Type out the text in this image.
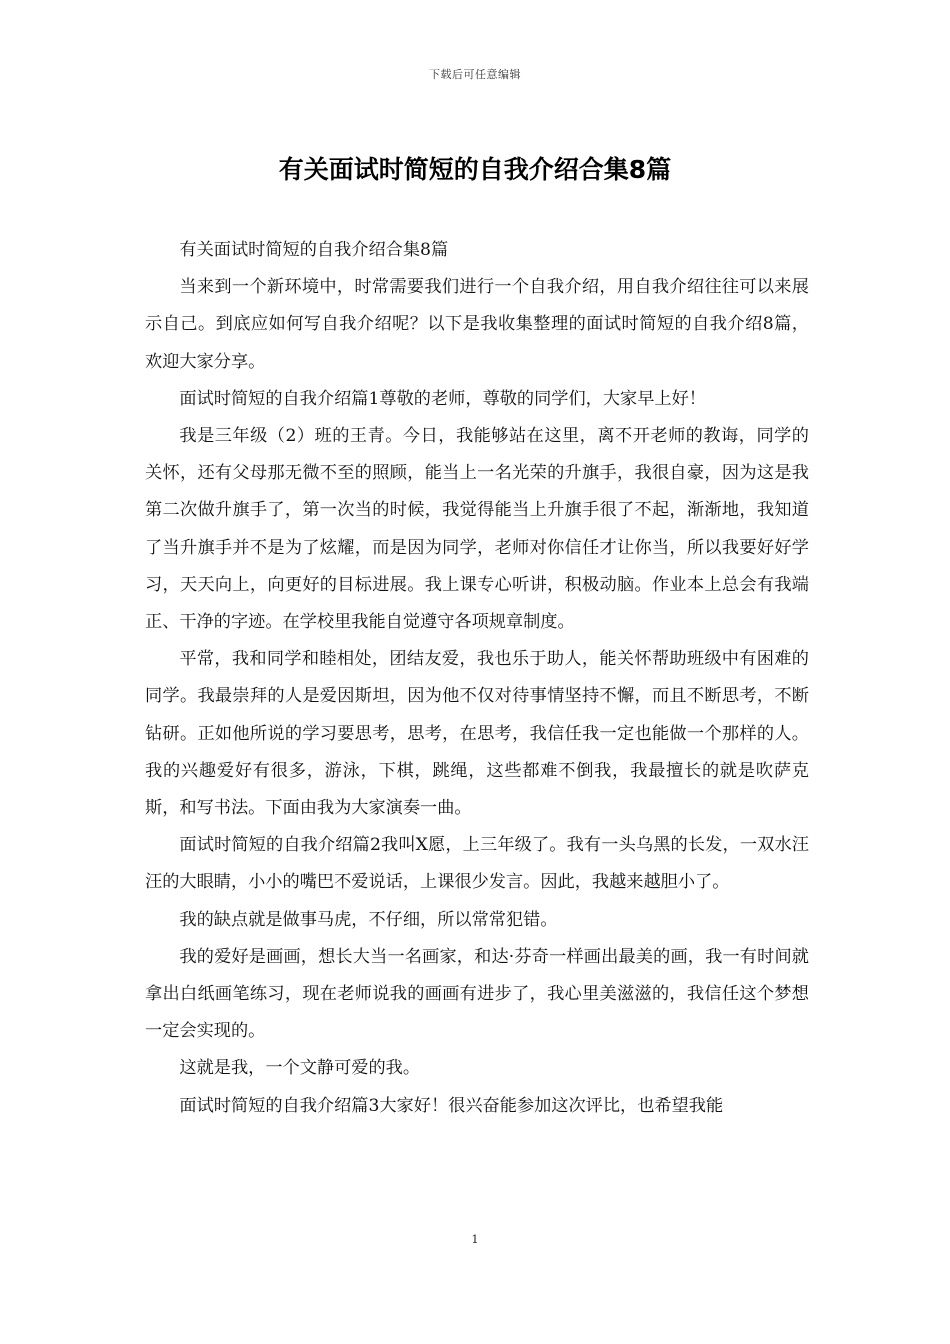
下载后可任意编辑
有关面试时简短的自我介绍合集8篇

有关面试时简短的自我介绍合集8篇

当来到一个新环境中，时常需要我们进行一个自我介绍，用自我介绍往往可以来展示自己。到底应如何写自我介绍呢？以下是我收集整理的面试时简短的自我介绍8篇，欢迎大家分享。

面试时简短的自我介绍篇1尊敬的老师，尊敬的同学们，大家早上好！

我是三年级（2）班的王青。今日，我能够站在这里，离不开老师的教诲，同学的关怀，还有父母那无微不至的照顾，能当上一名光荣的升旗手，我很自豪，因为这是我第二次做升旗手了，第一次当的时候，我觉得能当上升旗手很了不起，渐渐地，我知道了当升旗手并不是为了炫耀，而是因为同学，老师对你信任才让你当，所以我要好好学习，天天向上，向更好的目标进展。我上课专心听讲，积极动脑。作业本上总会有我端正、干净的字迹。在学校里我能自觉遵守各项规章制度。

平常，我和同学和睦相处，团结友爱，我也乐于助人，能关怀帮助班级中有困难的同学。我最崇拜的人是爱因斯坦，因为他不仅对待事情坚持不懈，而且不断思考，不断钻研。正如他所说的学习要思考，思考，在思考，我信任我一定也能做一个那样的人。我的兴趣爱好有很多，游泳，下棋，跳绳，这些都难不倒我，我最擅长的就是吹萨克斯，和写书法。下面由我为大家演奏一曲。

面试时简短的自我介绍篇2我叫X愿，上三年级了。我有一头乌黑的长发，一双水汪汪的大眼睛，小小的嘴巴不爱说话，上课很少发言。因此，我越来越胆小了。

我的缺点就是做事马虎，不仔细，所以常常犯错。

我的爱好是画画，想长大当一名画家，和达·芬奇一样画出最美的画，我一有时间就拿出白纸画笔练习，现在老师说我的画画有进步了，我心里美滋滋的，我信任这个梦想一定会实现的。

这就是我，一个文静可爱的我。

面试时简短的自我介绍篇3大家好！很兴奋能参加这次评比，也希望我能

1
